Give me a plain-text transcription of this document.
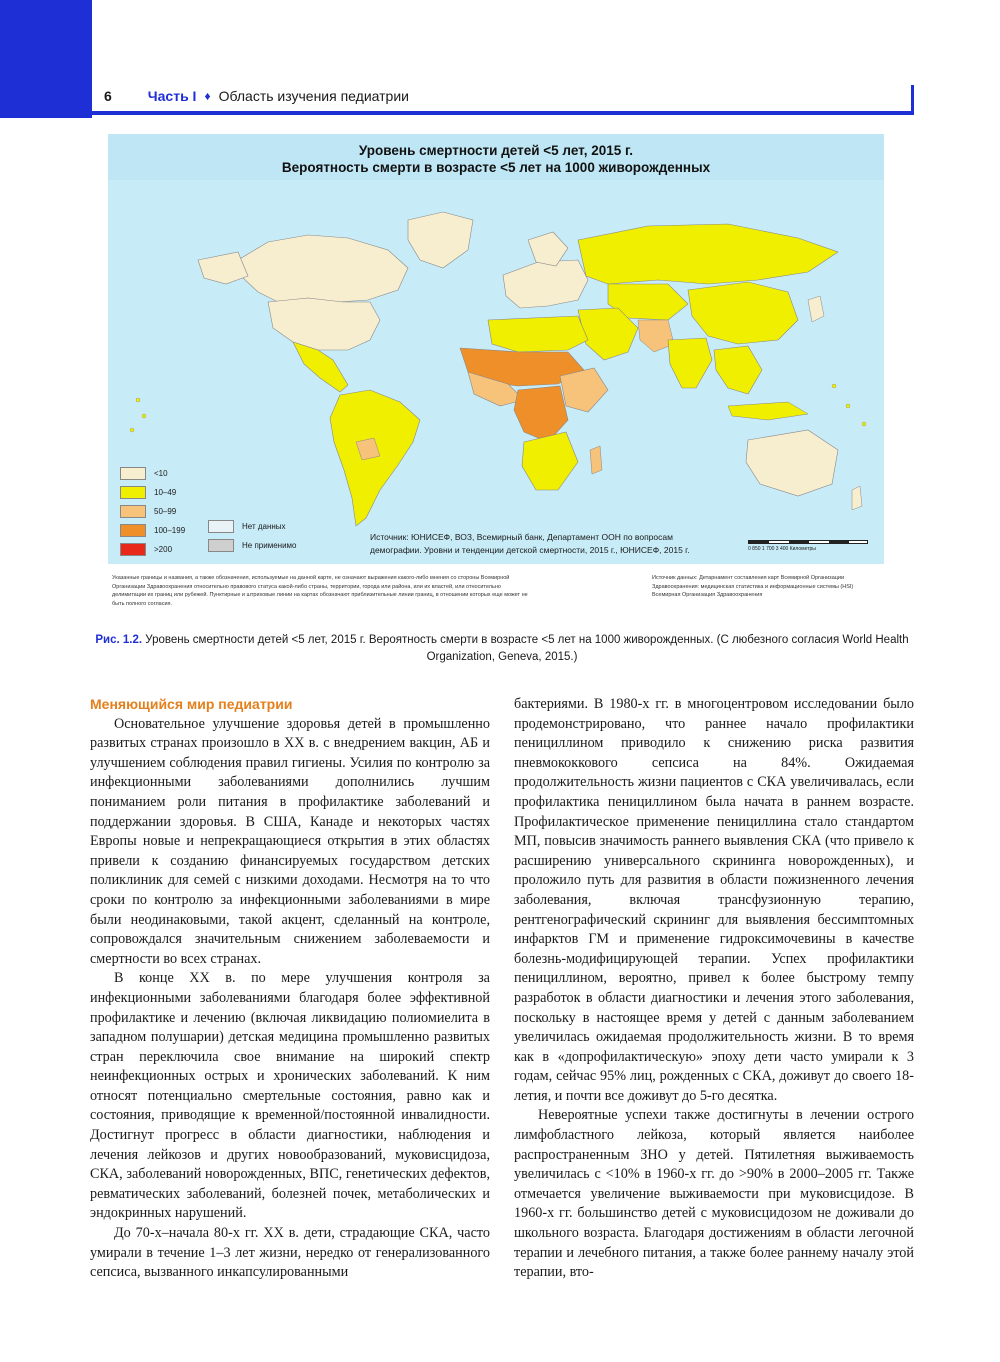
6	Часть I ♦ Область изучения педиатрии
Уровень смертности детей <5 лет, 2015 г.
Вероятность смерти в возрасте <5 лет на 1000 живорожденных
<10
10–49
50–99
100–199
>200
Нет данных
Не применимо
Источник: ЮНИСЕФ, ВОЗ, Всемирный банк, Департамент ООН по вопросам
демографии. Уровни и тенденции детской смертности, 2015 г., ЮНИСЕФ, 2015 г.	0 850 1 700 3 400 Километры
Указанные границы и названия, а также обозначения, используемые на данной карте, не означают выражения какого-либо мнения со стороны Всемирной Организации Здравоохранения относительно правового статуса какой-либо страны, территории, города или района, или их властей, или относительно делимитации их границ или рубежей. Пунктирные и штриховые линии на картах обозначают приблизительные линии границ, в отношении которых еще может не быть полного согласия.
Источник данных: Детарнамент составления карт Всемирной Организации Здравоохранения: медицинская статистика и информационные системы (HSI) Всемирная Организация Здравоохранения
Рис. 1.2. Уровень смертности детей <5 лет, 2015 г. Вероятность смерти в возрасте <5 лет на 1000 живорожденных. (С любезного согласия World Health Organization, Geneva, 2015.)
Меняющийся мир педиатрии

Основательное улучшение здоровья детей в промышленно развитых странах произошло в XX в. с внедрением вакцин, АБ и улучшением соблюдения правил гигиены. Усилия по контролю за инфекционными заболеваниями дополнились лучшим пониманием роли питания в профилактике заболеваний и поддержании здоровья. В США, Канаде и некоторых частях Европы новые и непрекращающиеся открытия в этих областях привели к созданию финансируемых государством детских поликлиник для семей с низкими доходами. Несмотря на то что сроки по контролю за инфекционными заболеваниями в мире были неодинаковыми, такой акцент, сделанный на контроле, сопровождался значительным снижением заболеваемости и смертности во всех странах.

В конце XX в. по мере улучшения контроля за инфекционными заболеваниями благодаря более эффективной профилактике и лечению (включая ликвидацию полиомиелита в западном полушарии) детская медицина промышленно развитых стран переключила свое внимание на широкий спектр неинфекционных острых и хронических заболеваний. К ним относят потенциально смертельные состояния, равно как и состояния, приводящие к временной/постоянной инвалидности. Достигнут прогресс в области диагностики, наблюдения и лечения лейкозов и других новообразований, муковисцидоза, СКА, заболеваний новорожденных, ВПС, генетических дефектов, ревматических заболеваний, болезней почек, метаболических и эндокринных нарушений.

До 70-х–начала 80-х гг. XX в. дети, страдающие СКА, часто умирали в течение 1–3 лет жизни, нередко от генерализованного сепсиса, вызванного инкапсулированными

бактериями. В 1980-х гг. в многоцентровом исследовании было продемонстрировано, что раннее начало профилактики пенициллином приводило к снижению риска развития пневмококкового сепсиса на 84%. Ожидаемая продолжительность жизни пациентов с СКА увеличивалась, если профилактика пенициллином была начата в раннем возрасте. Профилактическое применение пенициллина стало стандартом МП, повысив значимость раннего выявления СКА (что привело к расширению универсального скрининга новорожденных), и проложило путь для развития в области пожизненного лечения заболевания, включая трансфузионную терапию, рентгенографический скрининг для выявления бессимптомных инфарктов ГМ и применение гидроксимочевины в качестве болезнь-модифицирующей терапии. Успех профилактики пенициллином, вероятно, привел к более быстрому темпу разработок в области диагностики и лечения этого заболевания, поскольку в настоящее время у детей с данным заболеванием увеличилась ожидаемая продолжительность жизни. В то время как в «допрофилактическую» эпоху дети часто умирали к 3 годам, сейчас 95% лиц, рожденных с СКА, доживут до своего 18-летия, и почти все доживут до 5-го десятка.

Невероятные успехи также достигнуты в лечении острого лимфобластного лейкоза, который является наиболее распространенным ЗНО у детей. Пятилетняя выживаемость увеличилась с <10% в 1960-х гг. до >90% в 2000–2005 гг. Также отмечается увеличение выживаемости при муковисцидозе. В 1960-х гг. большинство детей с муковисцидозом не доживали до школьного возраста. Благодаря достижениям в области легочной терапии и лечебного питания, а также более раннему началу этой терапии, вто-
